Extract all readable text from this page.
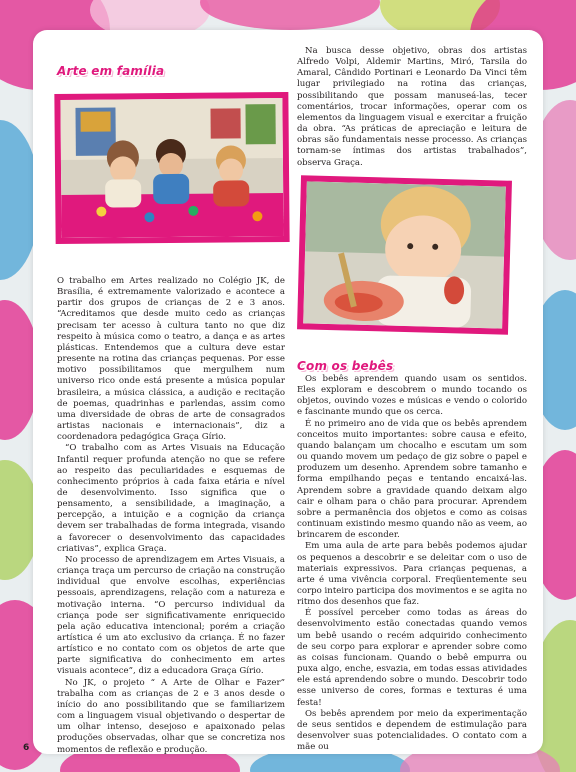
Arte em família

O trabalho em Artes realizado no Colégio JK, de Brasília, é extremamente valorizado e acontece a partir dos grupos de crianças de 2 e 3 anos. “Acreditamos que desde muito cedo as crianças precisam ter acesso à cultura tanto no que diz respeito à música como o teatro, a dança e as artes plásticas. Entendemos que a cultura deve estar presente na rotina das crianças pequenas. Por esse motivo possibilitamos que mergulhem num universo rico onde está presente a música popular brasileira, a música clássica, a audição e recitação de poemas, quadrinhas e parlendas, assim como uma diversidade de obras de arte de consagrados artistas nacionais e internacionais”, diz a coordenadora pedagógica Graça Gírio.

“O trabalho com as Artes Visuais na Educação Infantil requer profunda atenção no que se refere ao respeito das peculiaridades e esquemas de conhecimento próprios à cada faixa etária e nível de desenvolvimento. Isso significa que o pensamento, a sensibilidade, a imaginação, a percepção, a intuição e a cognição da criança devem ser trabalhadas de forma integrada, visando a favorecer o desenvolvimento das capacidades criativas”, explica Graça.

No processo de aprendizagem em Artes Visuais, a criança traça um percurso de criação na construção individual que envolve escolhas, experiências pessoais, aprendizagens, relação com a natureza e motivação interna. “O percurso individual da criança pode ser significativamente enriquecido pela ação educativa intencional; porém a criação artística é um ato exclusivo da criança. É no fazer artístico e no contato com os objetos de arte que parte significativa do conhecimento em artes visuais acontece”, diz a educadora Graça Gírio.

No JK, o projeto “ A Arte de Olhar e Fazer” trabalha com as crianças de 2 e 3 anos desde o início do ano possibilitando que se familiarizem com a linguagem visual objetivando o despertar de um olhar intenso, desejoso e apaixonado pelas produções observadas, olhar que se concretiza nos momentos de reflexão e produção.

Na busca desse objetivo, obras dos artistas Alfredo Volpi, Aldemir Martins, Miró, Tarsila do Amaral, Cândido Portinari e Leonardo Da Vinci têm lugar privilegiado na rotina das crianças, possibilitando que possam manuseá-las, tecer comentários, trocar informações, operar com os elementos da linguagem visual e exercitar a fruição da obra. “As práticas de apreciação e leitura de obras são fundamentais nesse processo. As crianças tornam-se íntimas dos artistas trabalhados”, observa Graça.

Com os bebês

Os bebês aprendem quando usam os sentidos. Eles exploram e descobrem o mundo tocando os objetos, ouvindo vozes e músicas e vendo o colorido e fascinante mundo que os cerca.

É no primeiro ano de vida que os bebês aprendem conceitos muito importantes: sobre causa e efeito, quando balançam um chocalho e escutam um som ou quando movem um pedaço de giz sobre o papel e produzem um desenho. Aprendem sobre tamanho e forma empilhando peças e tentando encaixá-las. Aprendem sobre a gravidade quando deixam algo cair e olham para o chão para procurar. Aprendem sobre a permanência dos objetos e como as coisas continuam existindo mesmo quando não as veem, ao brincarem de esconder.

Em uma aula de arte para bebês podemos ajudar os pequenos a descobrir e se deleitar com o uso de materiais expressivos. Para crianças pequenas, a arte é uma vivência corporal. Freqüentemente seu corpo inteiro participa dos movimentos e se agita no ritmo dos desenhos que faz.

É possível perceber como todas as áreas do desenvolvimento estão conectadas quando vemos um bebê usando o recém adquirido conhecimento de seu corpo para explorar e aprender sobre como as coisas funcionam. Quando o bebê empurra ou puxa algo, enche, esvazia, em todas essas atividades ele está aprendendo sobre o mundo. Descobrir todo esse universo de cores, formas e texturas é uma festa!

Os bebês aprendem por meio da experimentação de seus sentidos e dependem de estimulação para desenvolver suas potencialidades. O contato com a mãe ou

6
